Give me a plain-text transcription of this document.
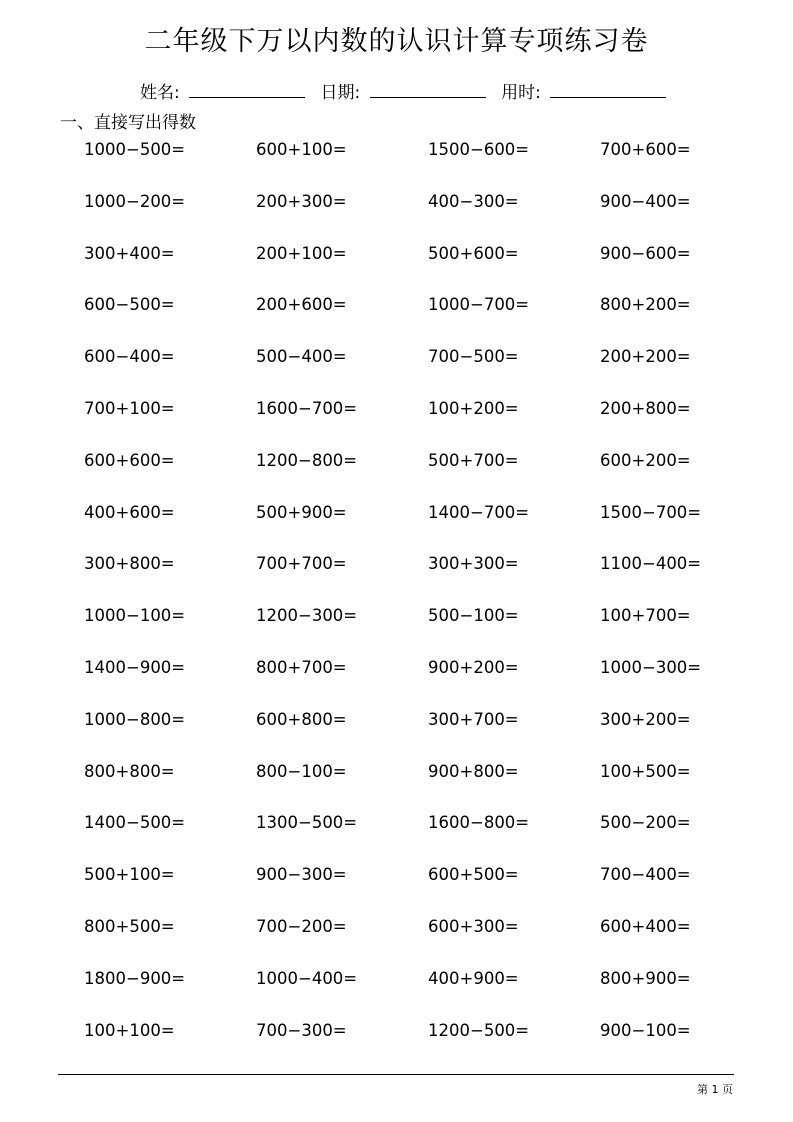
二年级下万以内数的认识计算专项练习卷
姓名:	日期:	用时:
一、直接写出得数
1000−500=	600+100=	1500−600=	700+600=
1000−200=	200+300=	400−300=	900−400=
300+400=	200+100=	500+600=	900−600=
600−500=	200+600=	1000−700=	800+200=
600−400=	500−400=	700−500=	200+200=
700+100=	1600−700=	100+200=	200+800=
600+600=	1200−800=	500+700=	600+200=
400+600=	500+900=	1400−700=	1500−700=
300+800=	700+700=	300+300=	1100−400=
1000−100=	1200−300=	500−100=	100+700=
1400−900=	800+700=	900+200=	1000−300=
1000−800=	600+800=	300+700=	300+200=
800+800=	800−100=	900+800=	100+500=
1400−500=	1300−500=	1600−800=	500−200=
500+100=	900−300=	600+500=	700−400=
800+500=	700−200=	600+300=	600+400=
1800−900=	1000−400=	400+900=	800+900=
100+100=	700−300=	1200−500=	900−100=
第 1 页
